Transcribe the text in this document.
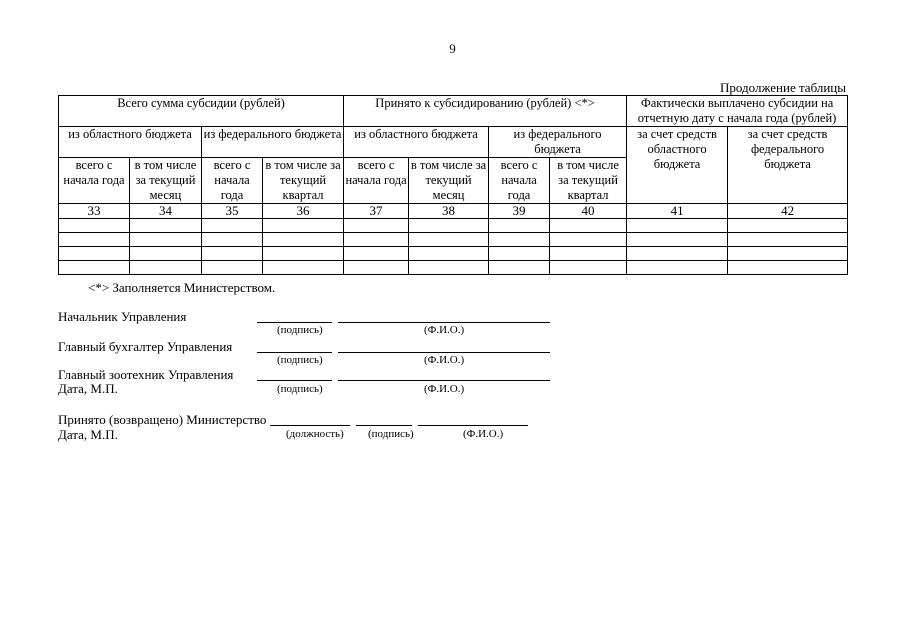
9
Продолжение таблицы
Всего сумма субсидии (рублей)				Принято к субсидированию (рублей) <*>				Фактически выплачено субсидии на отчетную дату с начала года (рублей)	
из областного бюджета		из федерального бюджета		из областного бюджета		из федерального бюджета		за счет средств областного бюджета	за счет средств федерального бюджета
всего с начала года	в том числе за текущий месяц	всего с начала года	в том числе за текущий квартал	всего с начала года	в том числе за текущий месяц	всего с начала года	в том числе за текущий квартал		
33	34	35	36	37	38	39	40	41	42

<*> Заполняется Министерством.
Начальник Управления
(подпись)	(Ф.И.О.)
Главный бухгалтер Управления
(подпись)	(Ф.И.О.)
Главный зоотехник Управления
Дата, М.П.	(подпись)	(Ф.И.О.)
Принято (возвращено) Министерство
Дата, М.П.	(должность) (подпись)	(Ф.И.О.)
